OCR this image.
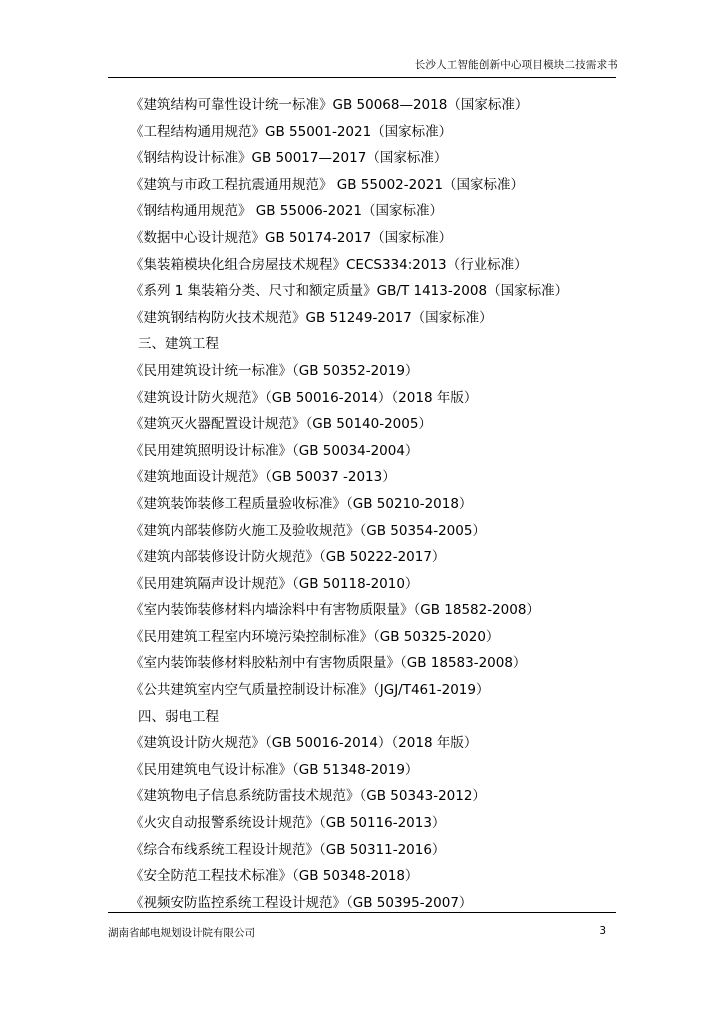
长沙人工智能创新中心项目模块二技需求书
《建筑结构可靠性设计统一标准》GB 50068—2018（国家标准）
《工程结构通用规范》GB 55001-2021（国家标准）
《钢结构设计标准》GB 50017—2017（国家标准）
《建筑与市政工程抗震通用规范》 GB 55002-2021（国家标准）
《钢结构通用规范》 GB 55006-2021（国家标准）
《数据中心设计规范》GB 50174-2017（国家标准）
《集装箱模块化组合房屋技术规程》CECS334:2013（行业标准）
《系列 1 集装箱分类、尺寸和额定质量》GB/T 1413-2008（国家标准）
《建筑钢结构防火技术规范》GB 51249-2017（国家标准）
三、建筑工程
《民用建筑设计统一标准》（GB 50352-2019）
《建筑设计防火规范》（GB 50016-2014）（2018 年版）
《建筑灭火器配置设计规范》（GB 50140-2005）
《民用建筑照明设计标准》（GB 50034-2004）
《建筑地面设计规范》（GB 50037 -2013）
《建筑装饰装修工程质量验收标准》（GB 50210-2018）
《建筑内部装修防火施工及验收规范》（GB 50354-2005）
《建筑内部装修设计防火规范》（GB 50222-2017）
《民用建筑隔声设计规范》（GB 50118-2010）
《室内装饰装修材料内墙涂料中有害物质限量》（GB 18582-2008）
《民用建筑工程室内环境污染控制标准》（GB 50325-2020）
《室内装饰装修材料胶粘剂中有害物质限量》（GB 18583-2008）
《公共建筑室内空气质量控制设计标准》（JGJ/T461-2019）
四、弱电工程
《建筑设计防火规范》（GB 50016-2014）（2018 年版）
《民用建筑电气设计标准》（GB 51348-2019）
《建筑物电子信息系统防雷技术规范》（GB 50343-2012）
《火灾自动报警系统设计规范》（GB 50116-2013）
《综合布线系统工程设计规范》（GB 50311-2016）
《安全防范工程技术标准》（GB 50348-2018）
《视频安防监控系统工程设计规范》（GB 50395-2007）
湖南省邮电规划设计院有限公司	3
